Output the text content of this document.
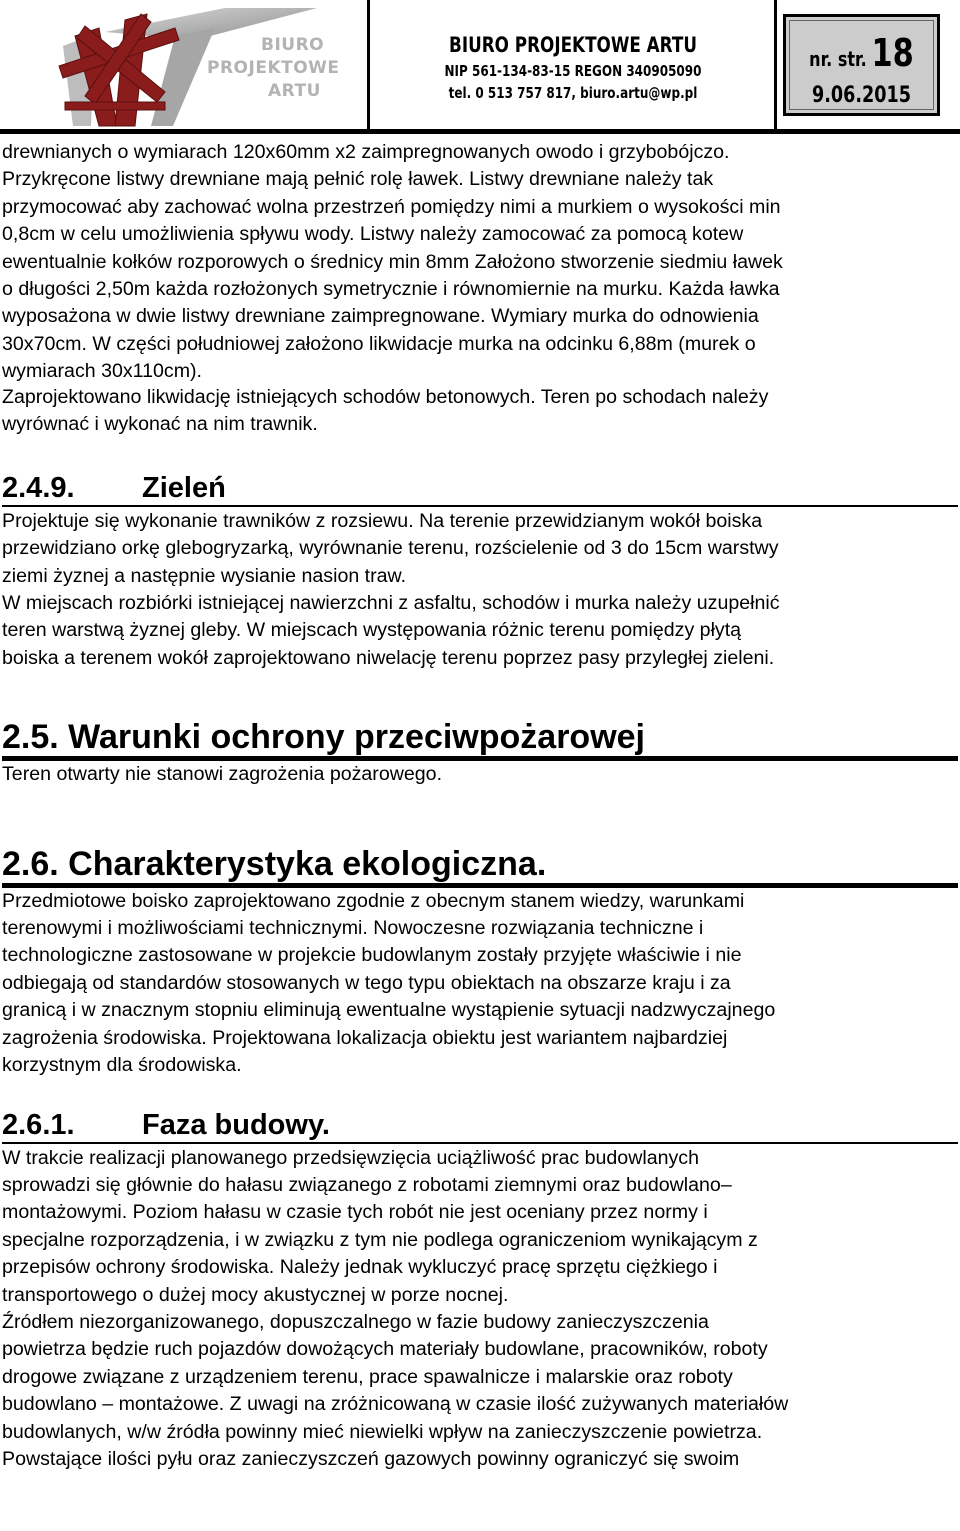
BIURO
PROJEKTOWE
ARTU
BIURO PROJEKTOWE ARTU
NIP 561-134-83-15 REGON 340905090
tel. 0 513 757 817, biuro.artu@wp.pl
nr. str. 18
9.06.2015

drewnianych o wymiarach 120x60mm x2 zaimpregnowanych owodo i grzybobójczo.
Przykręcone listwy drewniane mają pełnić rolę ławek. Listwy drewniane należy tak
przymocować aby zachować wolna przestrzeń pomiędzy nimi a murkiem o wysokości min
0,8cm w celu umożliwienia spływu wody. Listwy należy zamocować za pomocą kotew
ewentualnie kołków rozporowych o średnicy min 8mm Założono stworzenie siedmiu ławek
o długości 2,50m każda rozłożonych symetrycznie i równomiernie na murku. Każda ławka
wyposażona w dwie listwy drewniane zaimpregnowane. Wymiary murka do odnowienia
30x70cm. W części południowej założono likwidacje murka na odcinku 6,88m (murek o
wymiarach 30x110cm).

Zaprojektowano likwidację istniejących schodów betonowych. Teren po schodach należy
wyrównać i wykonać na nim trawnik.

2.4.9. Zieleń

Projektuje się wykonanie trawników z rozsiewu. Na terenie przewidzianym wokół boiska
przewidziano orkę glebogryzarką, wyrównanie terenu, rozścielenie od 3 do 15cm warstwy
ziemi żyznej a następnie wysianie nasion traw.

W miejscach rozbiórki istniejącej nawierzchni z asfaltu, schodów i murka należy uzupełnić
teren warstwą żyznej gleby. W miejscach występowania różnic terenu pomiędzy płytą
boiska a terenem wokół zaprojektowano niwelację terenu poprzez pasy przyległej zieleni.

2.5. Warunki ochrony przeciwpożarowej

Teren otwarty nie stanowi zagrożenia pożarowego.

2.6. Charakterystyka ekologiczna.

Przedmiotowe boisko zaprojektowano zgodnie z obecnym stanem wiedzy, warunkami
terenowymi i możliwościami technicznymi. Nowoczesne rozwiązania techniczne i
technologiczne zastosowane w projekcie budowlanym zostały przyjęte właściwie i nie
odbiegają od standardów stosowanych w tego typu obiektach na obszarze kraju i za
granicą i w znacznym stopniu eliminują ewentualne wystąpienie sytuacji nadzwyczajnego
zagrożenia środowiska. Projektowana lokalizacja obiektu jest wariantem najbardziej
korzystnym dla środowiska.

2.6.1. Faza budowy.

W trakcie realizacji planowanego przedsięwzięcia uciążliwość prac budowlanych
sprowadzi się głównie do hałasu związanego z robotami ziemnymi oraz budowlano–
montażowymi. Poziom hałasu w czasie tych robót nie jest oceniany przez normy i
specjalne rozporządzenia, i w związku z tym nie podlega ograniczeniom wynikającym z
przepisów ochrony środowiska. Należy jednak wykluczyć pracę sprzętu ciężkiego i
transportowego o dużej mocy akustycznej w porze nocnej.

Źródłem niezorganizowanego, dopuszczalnego w fazie budowy zanieczyszczenia
powietrza będzie ruch pojazdów dowożących materiały budowlane, pracowników, roboty
drogowe związane z urządzeniem terenu, prace spawalnicze i malarskie oraz roboty
budowlano – montażowe. Z uwagi na zróżnicowaną w czasie ilość zużywanych materiałów
budowlanych, w/w źródła powinny mieć niewielki wpływ na zanieczyszczenie powietrza.
Powstające ilości pyłu oraz zanieczyszczeń gazowych powinny ograniczyć się swoim
